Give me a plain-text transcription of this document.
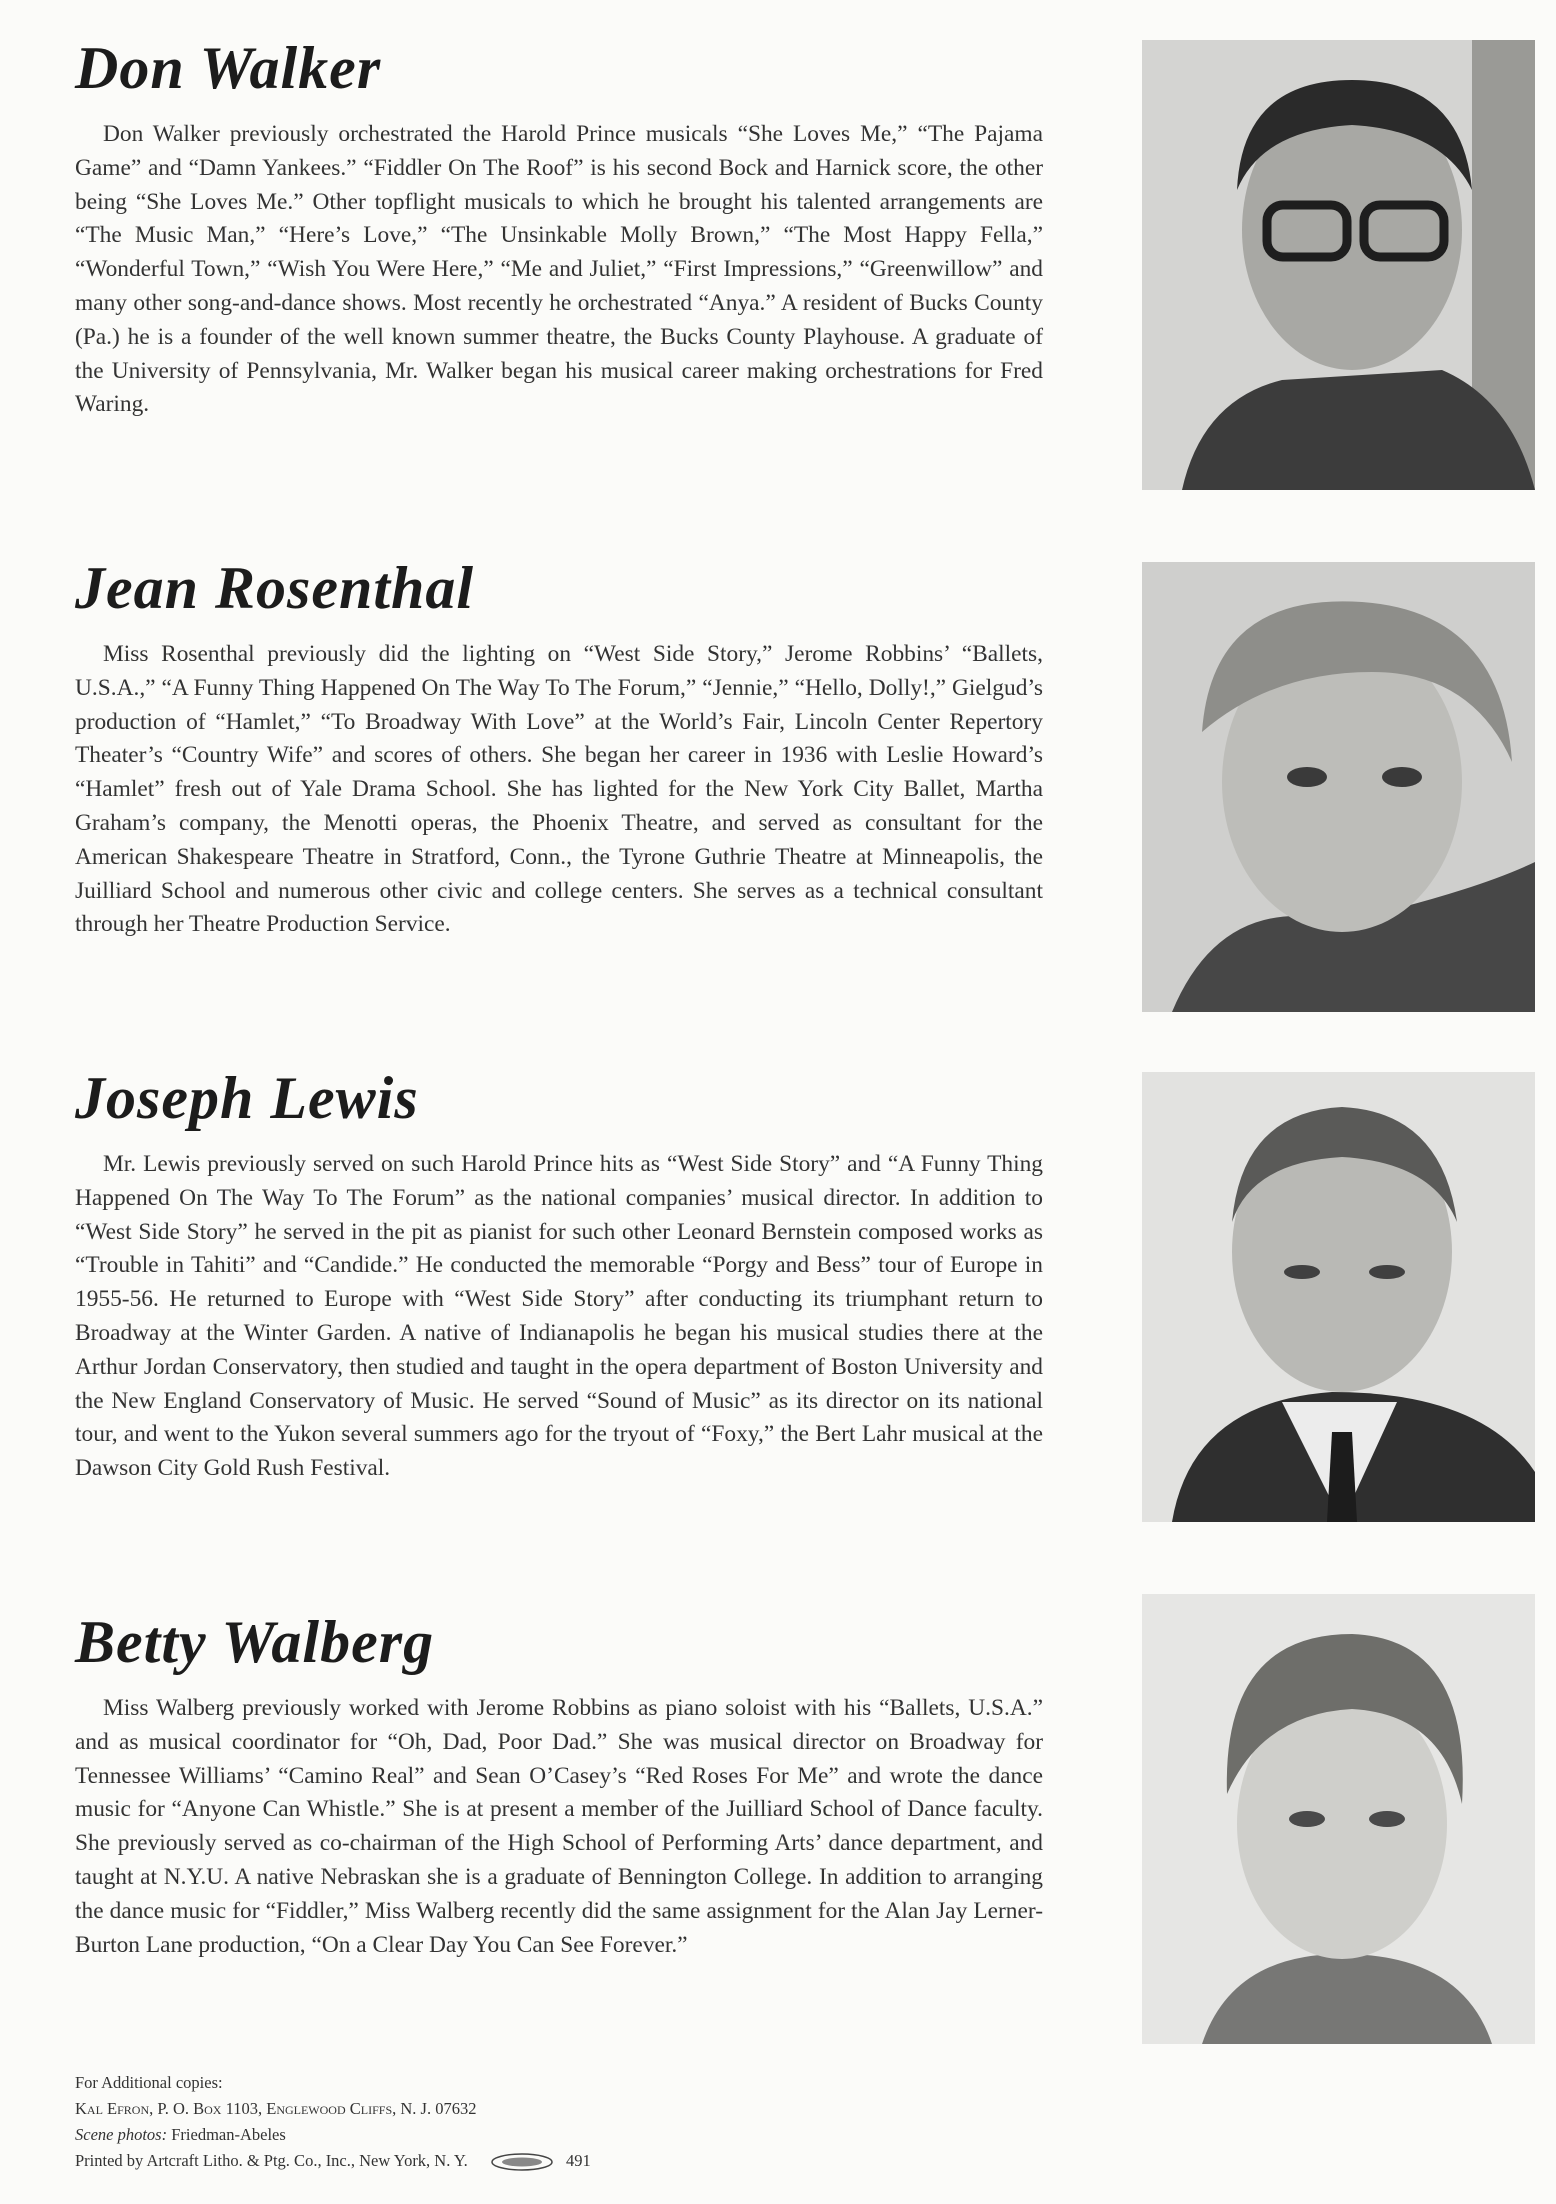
Don Walker

Don Walker previously orchestrated the Harold Prince musicals “She Loves Me,” “The Pajama Game” and “Damn Yankees.” “Fiddler On The Roof” is his second Bock and Harnick score, the other being “She Loves Me.” Other topflight musicals to which he brought his talented arrangements are “The Music Man,” “Here’s Love,” “The Unsinkable Molly Brown,” “The Most Happy Fella,” “Wonderful Town,” “Wish You Were Here,” “Me and Juliet,” “First Impressions,” “Greenwillow” and many other song-and-dance shows. Most recently he orchestrated “Anya.” A resident of Bucks County (Pa.) he is a founder of the well known summer theatre, the Bucks County Playhouse. A graduate of the University of Pennsylvania, Mr. Walker began his musical career making orchestrations for Fred Waring.

Jean Rosenthal

Miss Rosenthal previously did the lighting on “West Side Story,” Jerome Robbins’ “Ballets, U.S.A.,” “A Funny Thing Happened On The Way To The Forum,” “Jennie,” “Hello, Dolly!,” Gielgud’s production of “Hamlet,” “To Broadway With Love” at the World’s Fair, Lincoln Center Repertory Theater’s “Country Wife” and scores of others. She began her career in 1936 with Leslie Howard’s “Hamlet” fresh out of Yale Drama School. She has lighted for the New York City Ballet, Martha Graham’s company, the Menotti operas, the Phoenix Theatre, and served as consultant for the American Shakespeare Theatre in Stratford, Conn., the Tyrone Guthrie Theatre at Minneapolis, the Juilliard School and numerous other civic and college centers. She serves as a technical consultant through her Theatre Production Service.

Joseph Lewis

Mr. Lewis previously served on such Harold Prince hits as “West Side Story” and “A Funny Thing Happened On The Way To The Forum” as the national companies’ musical director. In addition to “West Side Story” he served in the pit as pianist for such other Leonard Bernstein composed works as “Trouble in Tahiti” and “Candide.” He conducted the memorable “Porgy and Bess” tour of Europe in 1955-56. He returned to Europe with “West Side Story” after conducting its triumphant return to Broadway at the Winter Garden. A native of Indianapolis he began his musical studies there at the Arthur Jordan Conservatory, then studied and taught in the opera department of Boston University and the New England Conservatory of Music. He served “Sound of Music” as its director on its national tour, and went to the Yukon several summers ago for the tryout of “Foxy,” the Bert Lahr musical at the Dawson City Gold Rush Festival.

Betty Walberg

Miss Walberg previously worked with Jerome Robbins as piano soloist with his “Ballets, U.S.A.” and as musical coordinator for “Oh, Dad, Poor Dad.” She was musical director on Broadway for Tennessee Williams’ “Camino Real” and Sean O’Casey’s “Red Roses For Me” and wrote the dance music for “Anyone Can Whistle.” She is at present a member of the Juilliard School of Dance faculty. She previously served as co-chairman of the High School of Performing Arts’ dance department, and taught at N.Y.U. A native Nebraskan she is a graduate of Bennington College. In addition to arranging the dance music for “Fiddler,” Miss Walberg recently did the same assignment for the Alan Jay Lerner-Burton Lane production, “On a Clear Day You Can See Forever.”

For Additional copies:
Kal Efron, P. O. Box 1103, Englewood Cliffs, N. J. 07632
Scene photos: Friedman-Abeles
Printed by Artcraft Litho. & Ptg. Co., Inc., New York, N. Y.	491
